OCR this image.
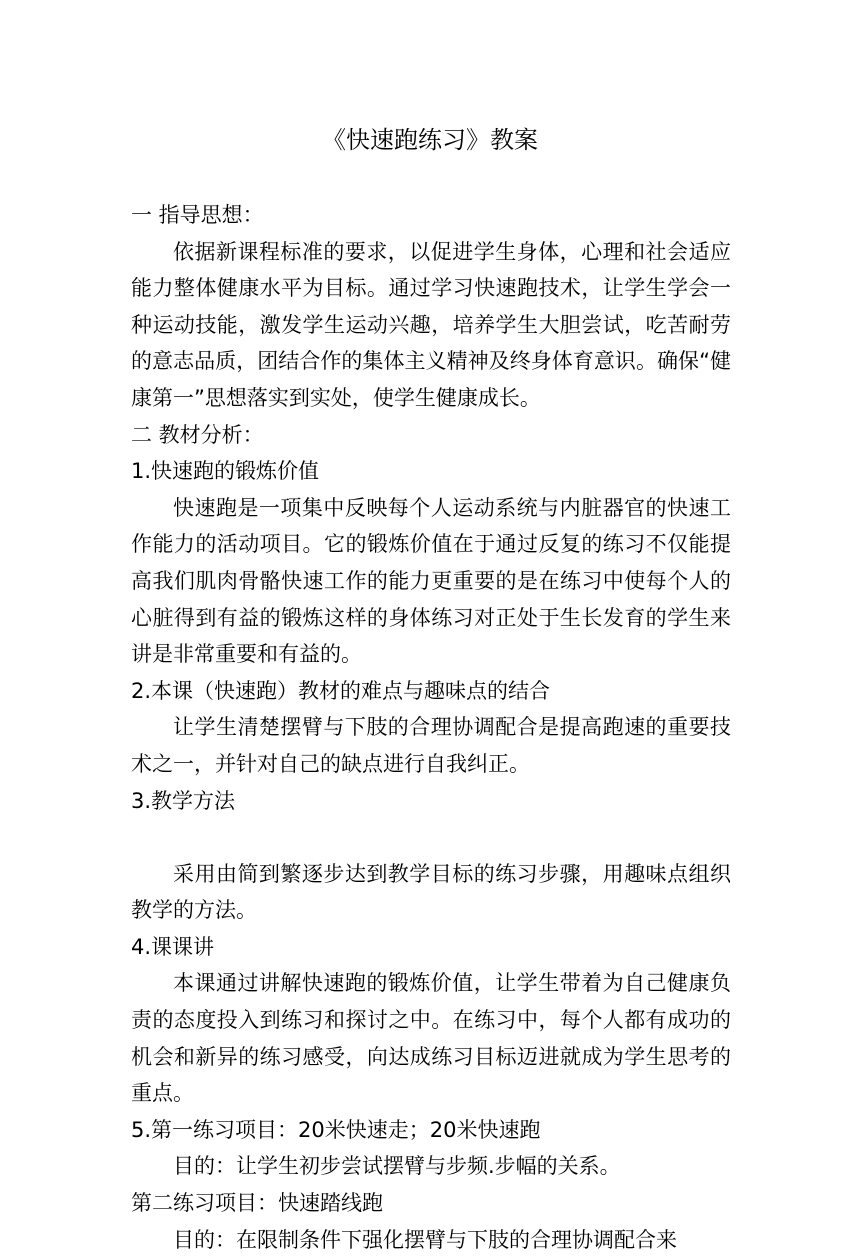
《快速跑练习》教案

一 指导思想：

依据新课程标准的要求，以促进学生身体，心理和社会适应能力整体健康水平为目标。通过学习快速跑技术，让学生学会一种运动技能，激发学生运动兴趣，培养学生大胆尝试，吃苦耐劳的意志品质，团结合作的集体主义精神及终身体育意识。确保“健康第一”思想落实到实处，使学生健康成长。

二 教材分析：

1.快速跑的锻炼价值

快速跑是一项集中反映每个人运动系统与内脏器官的快速工作能力的活动项目。它的锻炼价值在于通过反复的练习不仅能提高我们肌肉骨骼快速工作的能力更重要的是在练习中使每个人的心脏得到有益的锻炼这样的身体练习对正处于生长发育的学生来讲是非常重要和有益的。

2.本课（快速跑）教材的难点与趣味点的结合

让学生清楚摆臂与下肢的合理协调配合是提高跑速的重要技术之一，并针对自己的缺点进行自我纠正。

3.教学方法

采用由简到繁逐步达到教学目标的练习步骤，用趣味点组织教学的方法。

4.课课讲

本课通过讲解快速跑的锻炼价值，让学生带着为自己健康负责的态度投入到练习和探讨之中。在练习中，每个人都有成功的机会和新异的练习感受，向达成练习目标迈进就成为学生思考的重点。

5.第一练习项目：20米快速走；20米快速跑

目的：让学生初步尝试摆臂与步频.步幅的关系。

第二练习项目：快速踏线跑

目的：在限制条件下强化摆臂与下肢的合理协调配合来
